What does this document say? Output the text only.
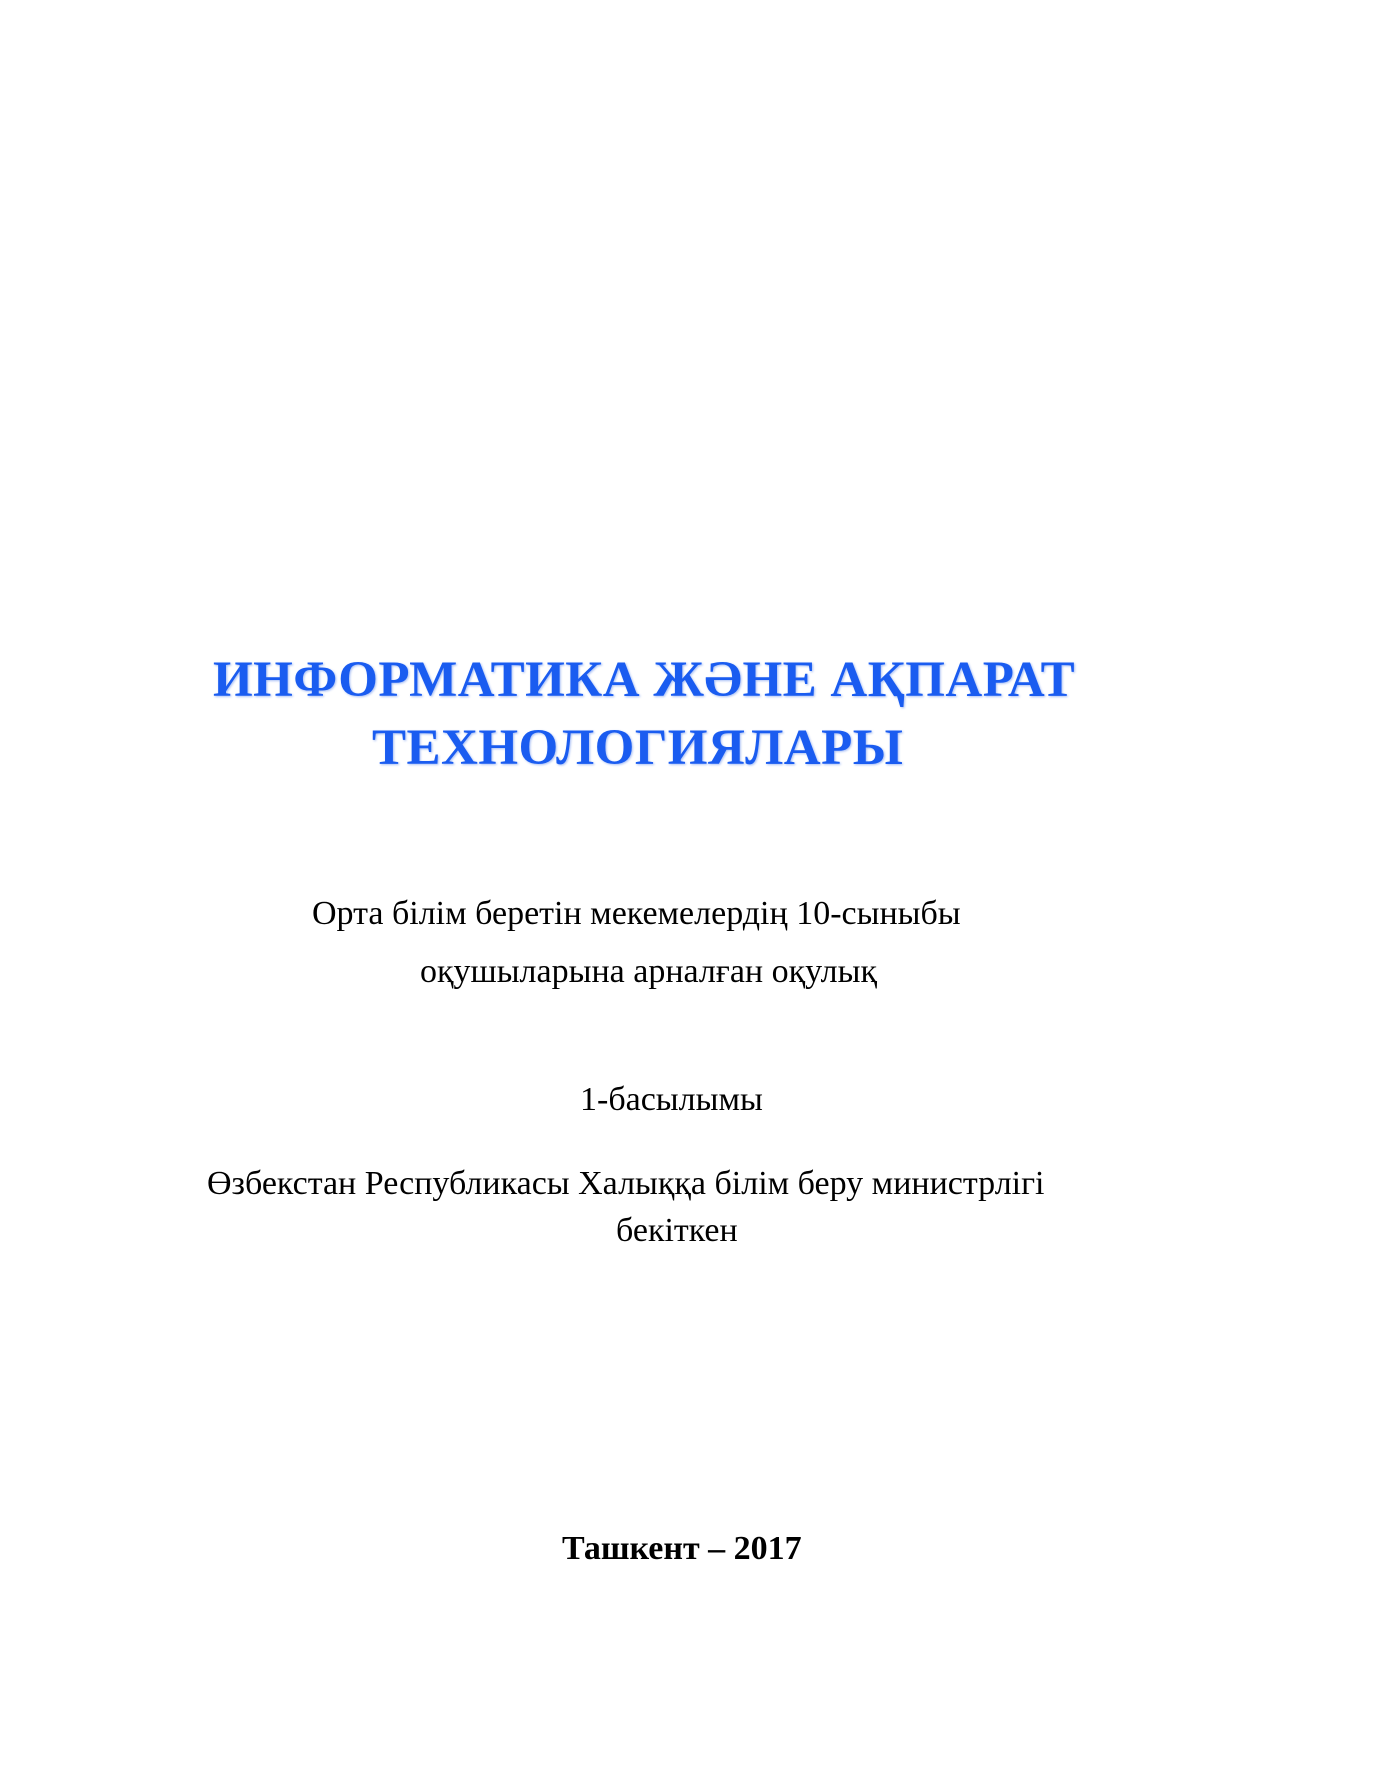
ИНФОРМАТИКА ЖӘНЕ АҚПАРАТ
ТЕХНОЛОГИЯЛАРЫ
Орта білім беретін мекемелердің 10-сыныбы
оқушыларына арналған оқулық
1-басылымы
Өзбекстан Республикасы Халыққа білім беру министрлігі
бекіткен
Ташкент – 2017
